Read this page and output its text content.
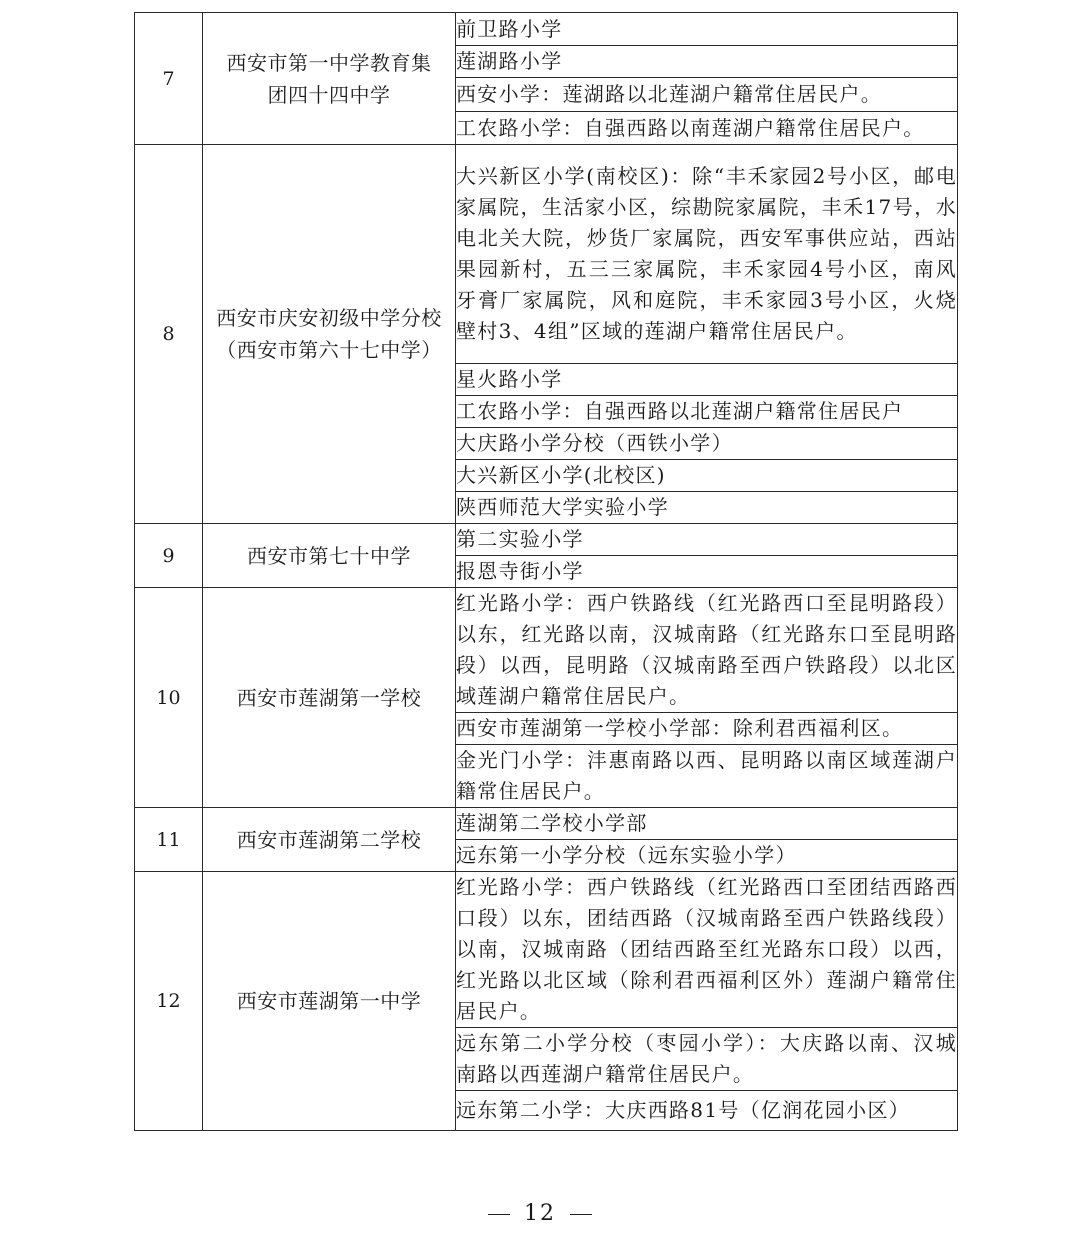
7	西安市第一中学教育集团四十四中学	前卫路小学
		莲湖路小学
		西安小学：莲湖路以北莲湖户籍常住居民户。
		工农路小学：自强西路以南莲湖户籍常住居民户。
8	西安市庆安初级中学分校（西安市第六十七中学）	大兴新区小学(南校区)：除“丰禾家园2号小区，邮电家属院，生活家小区，综勘院家属院，丰禾17号，水电北关大院，炒货厂家属院，西安军事供应站，西站果园新村，五三三家属院，丰禾家园4号小区，南风牙膏厂家属院，风和庭院，丰禾家园3号小区，火烧壁村3、4组”区域的莲湖户籍常住居民户。
		星火路小学
		工农路小学：自强西路以北莲湖户籍常住居民户
		大庆路小学分校（西铁小学）
		大兴新区小学(北校区)
		陕西师范大学实验小学
9	西安市第七十中学	第二实验小学
		报恩寺街小学
10	西安市莲湖第一学校	红光路小学：西户铁路线（红光路西口至昆明路段）以东，红光路以南，汉城南路（红光路东口至昆明路段）以西，昆明路（汉城南路至西户铁路段）以北区域莲湖户籍常住居民户。
		西安市莲湖第一学校小学部：除利君西福利区。
		金光门小学：沣惠南路以西、昆明路以南区域莲湖户籍常住居民户。
11	西安市莲湖第二学校	莲湖第二学校小学部
		远东第一小学分校（远东实验小学）
12	西安市莲湖第一中学	红光路小学：西户铁路线（红光路西口至团结西路西口段）以东，团结西路（汉城南路至西户铁路线段）以南，汉城南路（团结西路至红光路东口段）以西，红光路以北区域（除利君西福利区外）莲湖户籍常住居民户。
		远东第二小学分校（枣园小学）：大庆路以南、汉城南路以西莲湖户籍常住居民户。
		远东第二小学：大庆西路81号（亿润花园小区）
12
